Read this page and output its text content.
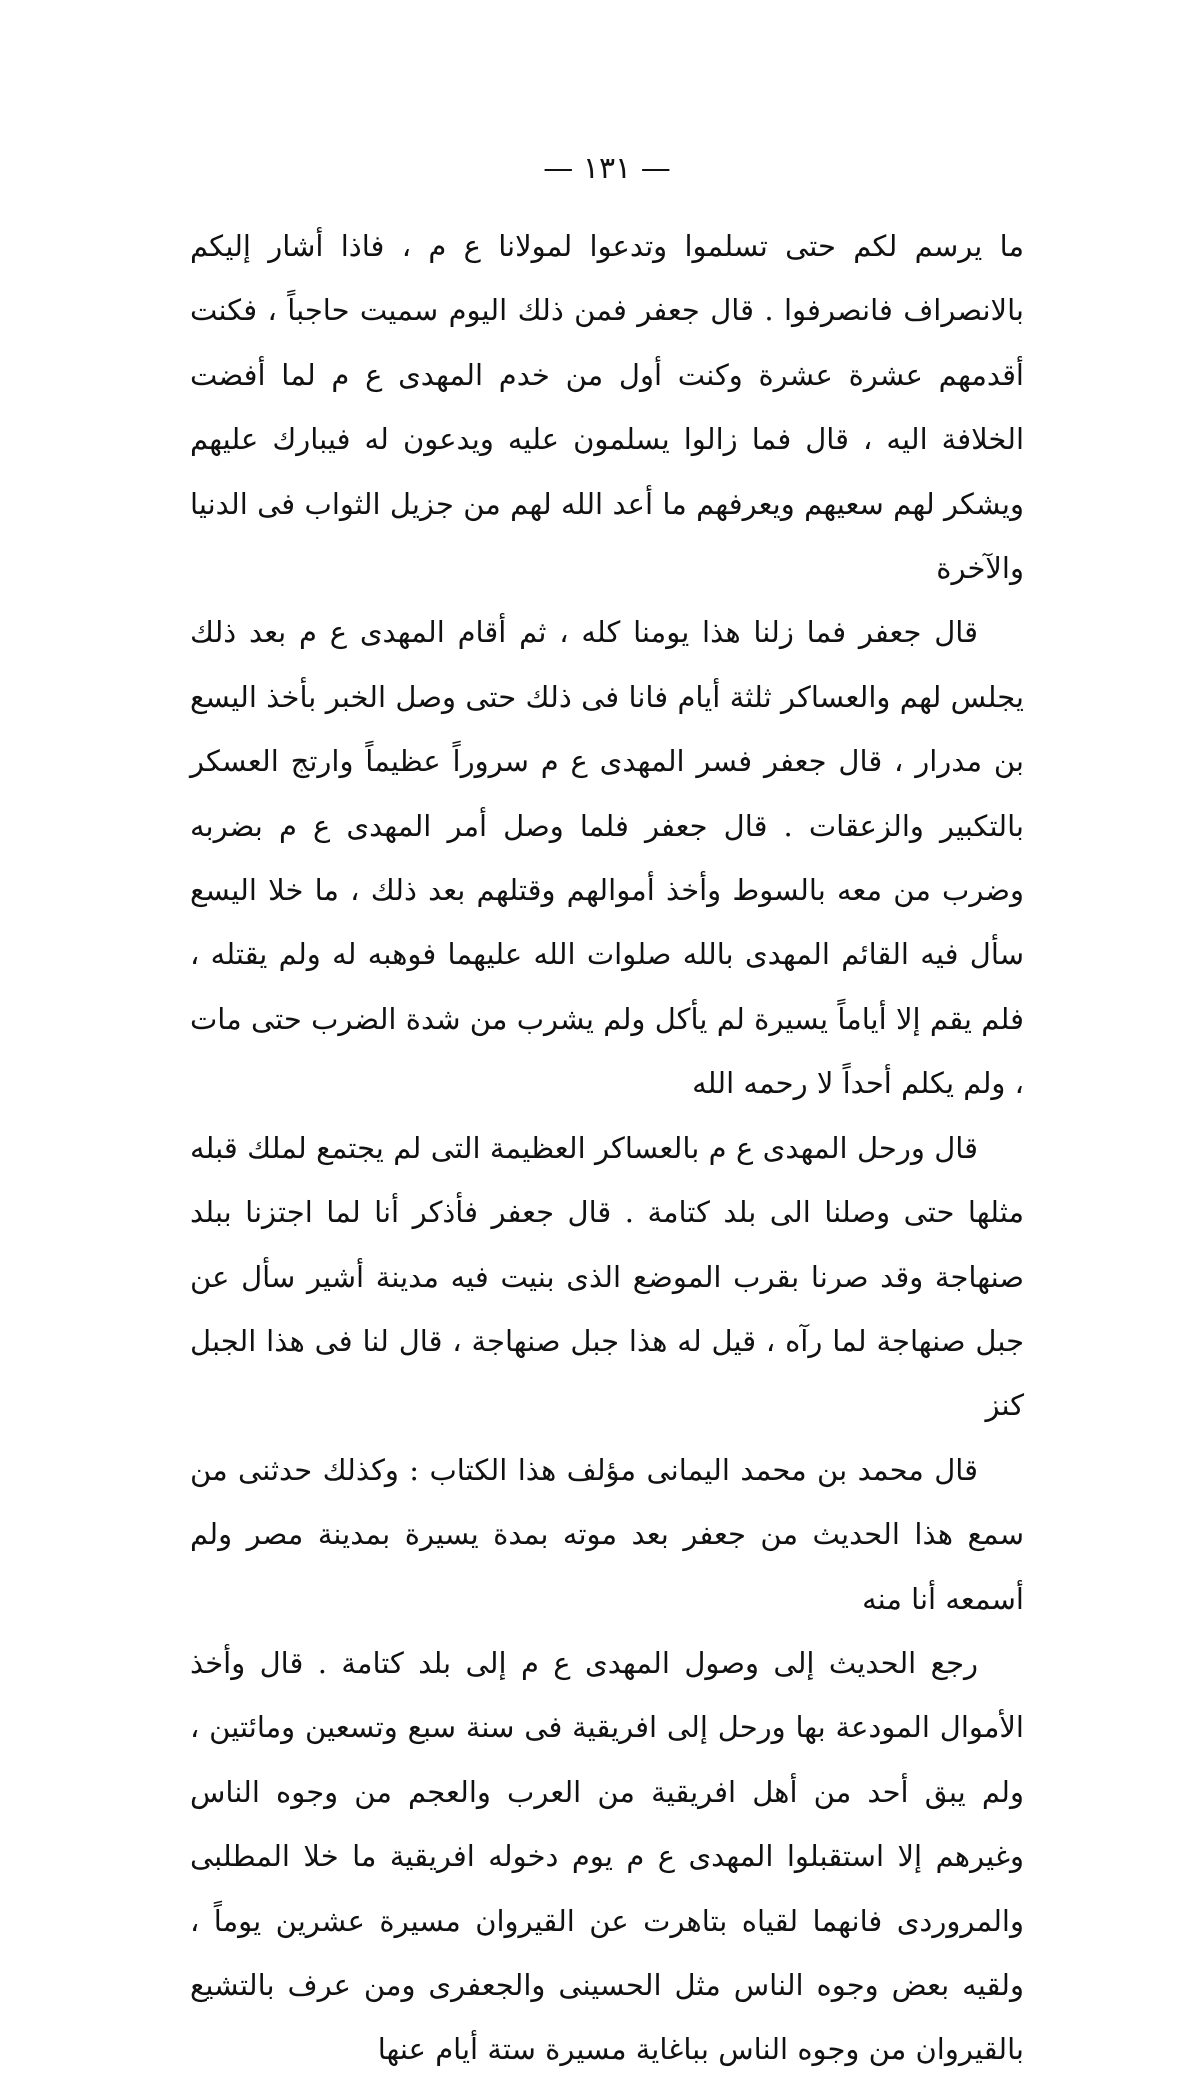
— ١٣١ —

ما يرسم لكم حتى تسلموا وتدعوا لمولانا ع م ، فاذا أشار إليكم بالانصراف فانصرفوا . قال جعفر فمن ذلك اليوم سميت حاجباً ، فكنت أقدمهم عشرة عشرة وكنت أول من خدم المهدى ع م لما أفضت الخلافة اليه ، قال فما زالوا يسلمون عليه ويدعون له فيبارك عليهم ويشكر لهم سعيهم ويعرفهم ما أعد الله لهم من جزيل الثواب فى الدنيا والآخرة

قال جعفر فما زلنا هذا يومنا كله ، ثم أقام المهدى ع م بعد ذلك يجلس لهم والعساكر ثلثة أيام فانا فى ذلك حتى وصل الخبر بأخذ اليسع بن مدرار ، قال جعفر فسر المهدى ع م سروراً عظيماً وارتج العسكر بالتكبير والزعقات . قال جعفر فلما وصل أمر المهدى ع م بضربه وضرب من معه بالسوط وأخذ أموالهم وقتلهم بعد ذلك ، ما خلا اليسع سأل فيه القائم المهدى بالله صلوات الله عليهما فوهبه له ولم يقتله ، فلم يقم إلا أياماً يسيرة لم يأكل ولم يشرب من شدة الضرب حتى مات ، ولم يكلم أحداً لا رحمه الله

قال ورحل المهدى ع م بالعساكر العظيمة التى لم يجتمع لملك قبله مثلها حتى وصلنا الى بلد كتامة . قال جعفر فأذكر أنا لما اجتزنا ببلد صنهاجة وقد صرنا بقرب الموضع الذى بنيت فيه مدينة أشير سأل عن جبل صنهاجة لما رآه ، قيل له هذا جبل صنهاجة ، قال لنا فى هذا الجبل كنز

قال محمد بن محمد اليمانى مؤلف هذا الكتاب : وكذلك حدثنى من سمع هذا الحديث من جعفر بعد موته بمدة يسيرة بمدينة مصر ولم أسمعه أنا منه

رجع الحديث إلى وصول المهدى ع م إلى بلد كتامة . قال وأخذ الأموال المودعة بها ورحل إلى افريقية فى سنة سبع وتسعين ومائتين ، ولم يبق أحد من أهل افريقية من العرب والعجم من وجوه الناس وغيرهم إلا استقبلوا المهدى ع م يوم دخوله افريقية ما خلا المطلبى والمروردى فانهما لقياه بتاهرت عن القيروان مسيرة عشرين يوماً ، ولقيه بعض وجوه الناس مثل الحسينى والجعفرى ومن عرف بالتشيع بالقيروان من وجوه الناس بباغاية مسيرة ستة أيام عنها
